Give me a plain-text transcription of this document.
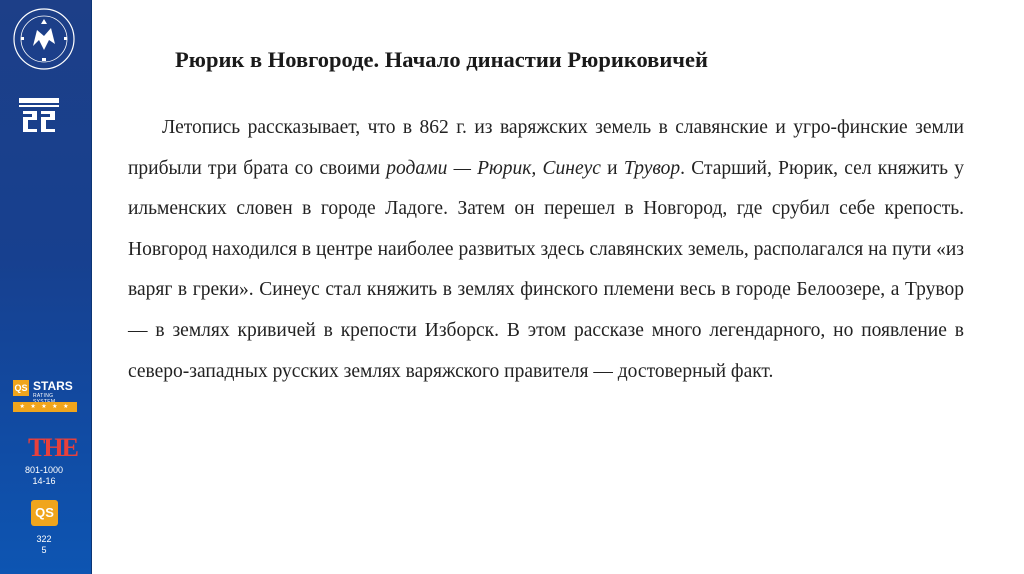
QS STARS
RATING
★ ★ ★ ★ ★
THE
801-1000
14-16
QS
322
5
Рюрик в Новгороде. Начало династии Рюриковичей

Летопись рассказывает, что в 862 г. из варяжских земель в славянские и угро-финские земли прибыли три брата со своими родами — Рюрик, Синеус и Трувор. Старший, Рюрик, сел княжить у ильменских словен в городе Ладоге. Затем он перешел в Новгород, где срубил себе крепость. Новгород находился в центре наиболее развитых здесь славянских земель, располагался на пути «из варяг в греки». Синеус стал княжить в землях финского племени весь в городе Белоозере, а Трувор — в землях кривичей в крепости Изборск. В этом рассказе много легендарного, но появление в северо-западных русских землях варяжского правителя — достоверный факт.
